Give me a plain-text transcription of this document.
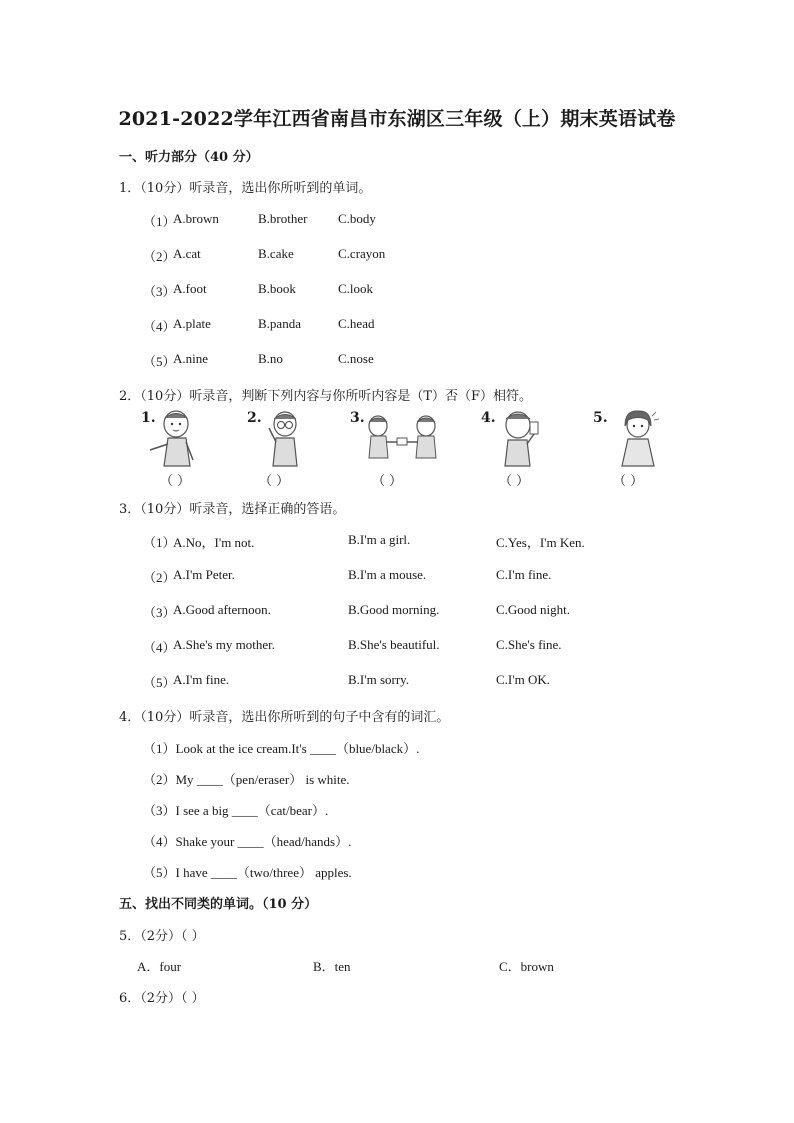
2021-2022学年江西省南昌市东湖区三年级（上）期末英语试卷
一、听力部分（40 分）
1．（10分）听录音，选出你所听到的单词。
（1）
A.brown	B.brother C.body
（2）
A.cat	B.cake	C.crayon
（3）
A.foot	B.book	C.look
（4）
A.plate	B.panda	C.head
（5）
A.nine	B.no	C.nose
2．（10分）听录音，判断下列内容与你所听内容是（T）否（F）相符。
1.
（ ）
2.
（ ）
3.
（ ）
4.
（ ）
5.
（ ）
3．（10分）听录音，选择正确的答语。
（1）
A.No，I'm not.	B.I'm a girl.	C.Yes，I'm Ken.
（2）
A.I'm Peter.	B.I'm a mouse.	C.I'm fine.
（3）
A.Good afternoon.	B.Good morning.	C.Good night.
（4）
A.She's my mother.	B.She's beautiful.	C.She's fine.
（5）
A.I'm fine.	B.I'm sorry.	C.I'm OK.
4．（10分）听录音，选出你所听到的句子中含有的词汇。
（1）Look at the ice cream.It's ____（blue/black）.
（2）My ____（pen/eraser） is white.
（3）I see a big ____（cat/bear）.
（4）Shake your ____（head/hands）.
（5）I have ____（two/three） apples.
五、找出不同类的单词。（10 分）
5．（2分）（ ）
A．four	B．ten	C．brown
6．（2分）（ ）
